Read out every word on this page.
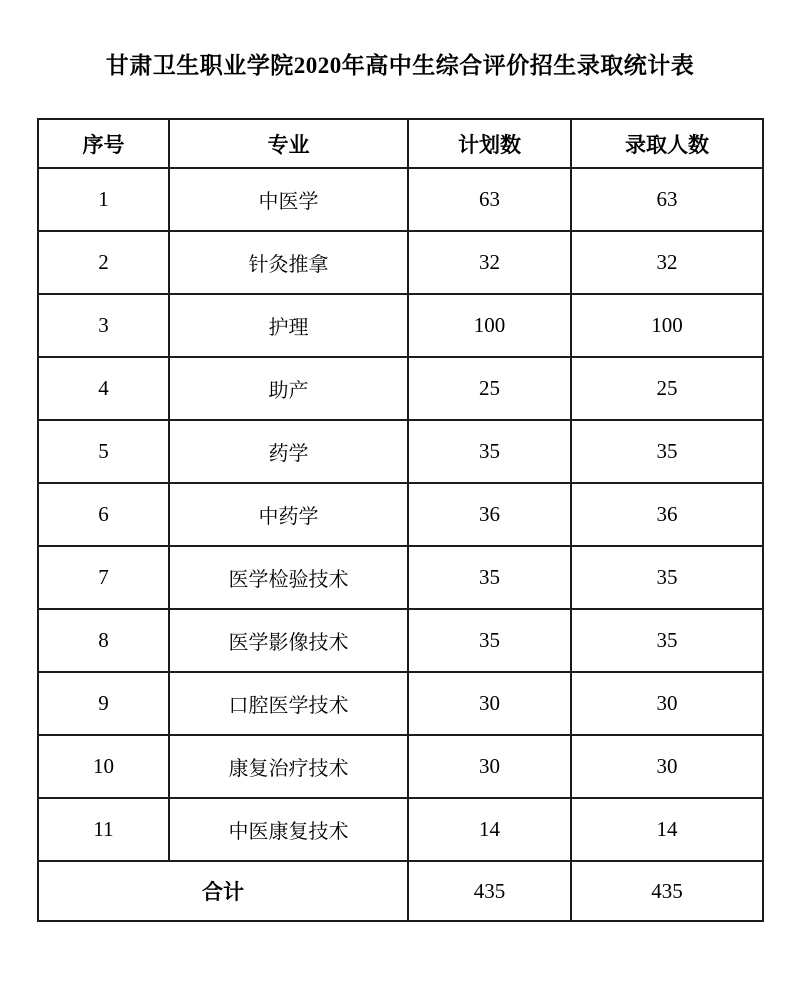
甘肃卫生职业学院2020年高中生综合评价招生录取统计表
序号	专业	计划数	录取人数
1	中医学	63	63
2	针灸推拿	32	32
3	护理	100	100
4	助产	25	25
5	药学	35	35
6	中药学	36	36
7	医学检验技术	35	35
8	医学影像技术	35	35
9	口腔医学技术	30	30
10	康复治疗技术	30	30
11	中医康复技术	14	14
合计		435	435
